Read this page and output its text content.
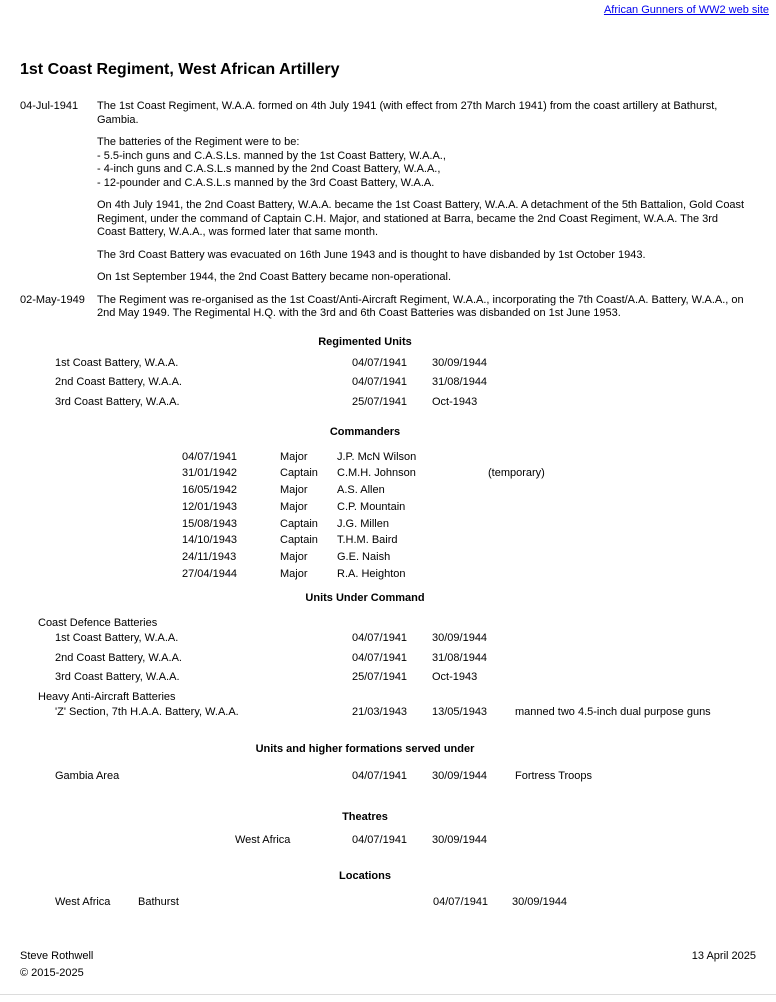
African Gunners of WW2 web site
1st Coast Regiment, West African Artillery
04-Jul-1941	The 1st Coast Regiment, W.A.A. formed on 4th July 1941 (with effect from 27th March 1941) from the coast artillery at Bathurst, Gambia.

The batteries of the Regiment were to be:
- 5.5-inch guns and C.A.S.Ls. manned by the 1st Coast Battery, W.A.A.,
- 4-inch guns and C.A.S.L.s manned by the 2nd Coast Battery, W.A.A.,
- 12-pounder and C.A.S.L.s manned by the 3rd Coast Battery, W.A.A.

On 4th July 1941, the 2nd Coast Battery, W.A.A. became the 1st Coast Battery, W.A.A. A detachment of the 5th Battalion, Gold Coast Regiment, under the command of Captain C.H. Major, and stationed at Barra, became the 2nd Coast Regiment, W.A.A. The 3rd Coast Battery, W.A.A., was formed later that same month.

The 3rd Coast Battery was evacuated on 16th June 1943 and is thought to have disbanded by 1st October 1943.

On 1st September 1944, the 2nd Coast Battery became non-operational.

02-May-1949	The Regiment was re-organised as the 1st Coast/Anti-Aircraft Regiment, W.A.A., incorporating the 7th Coast/A.A. Battery, W.A.A., on 2nd May 1949. The Regimental H.Q. with the 3rd and 6th Coast Batteries was disbanded on 1st June 1953.

Regimented Units
1st Coast Battery, W.A.A.	04/07/1941	30/09/1944
2nd Coast Battery, W.A.A.	04/07/1941	31/08/1944
3rd Coast Battery, W.A.A.	25/07/1941	Oct-1943
Commanders
04/07/1941	Major	J.P. McN Wilson
31/01/1942	Captain	C.M.H. Johnson	(temporary)
16/05/1942	Major	A.S. Allen
12/01/1943	Major	C.P. Mountain
15/08/1943	Captain	J.G. Millen
14/10/1943	Captain	T.H.M. Baird
24/11/1943	Major	G.E. Naish
27/04/1944	Major	R.A. Heighton
Units Under Command
Coast Defence Batteries
1st Coast Battery, W.A.A.	04/07/1941	30/09/1944
2nd Coast Battery, W.A.A.	04/07/1941	31/08/1944
3rd Coast Battery, W.A.A.	25/07/1941	Oct-1943
Heavy Anti-Aircraft Batteries
'Z' Section, 7th H.A.A. Battery, W.A.A.	21/03/1943	13/05/1943	manned two 4.5-inch dual purpose guns
Units and higher formations served under
Gambia Area	04/07/1941	30/09/1944	Fortress Troops
Theatres
West Africa	04/07/1941	30/09/1944
Locations
West Africa	Bathurst	04/07/1941	30/09/1944
Steve Rothwell
© 2015-2025
13 April 2025
